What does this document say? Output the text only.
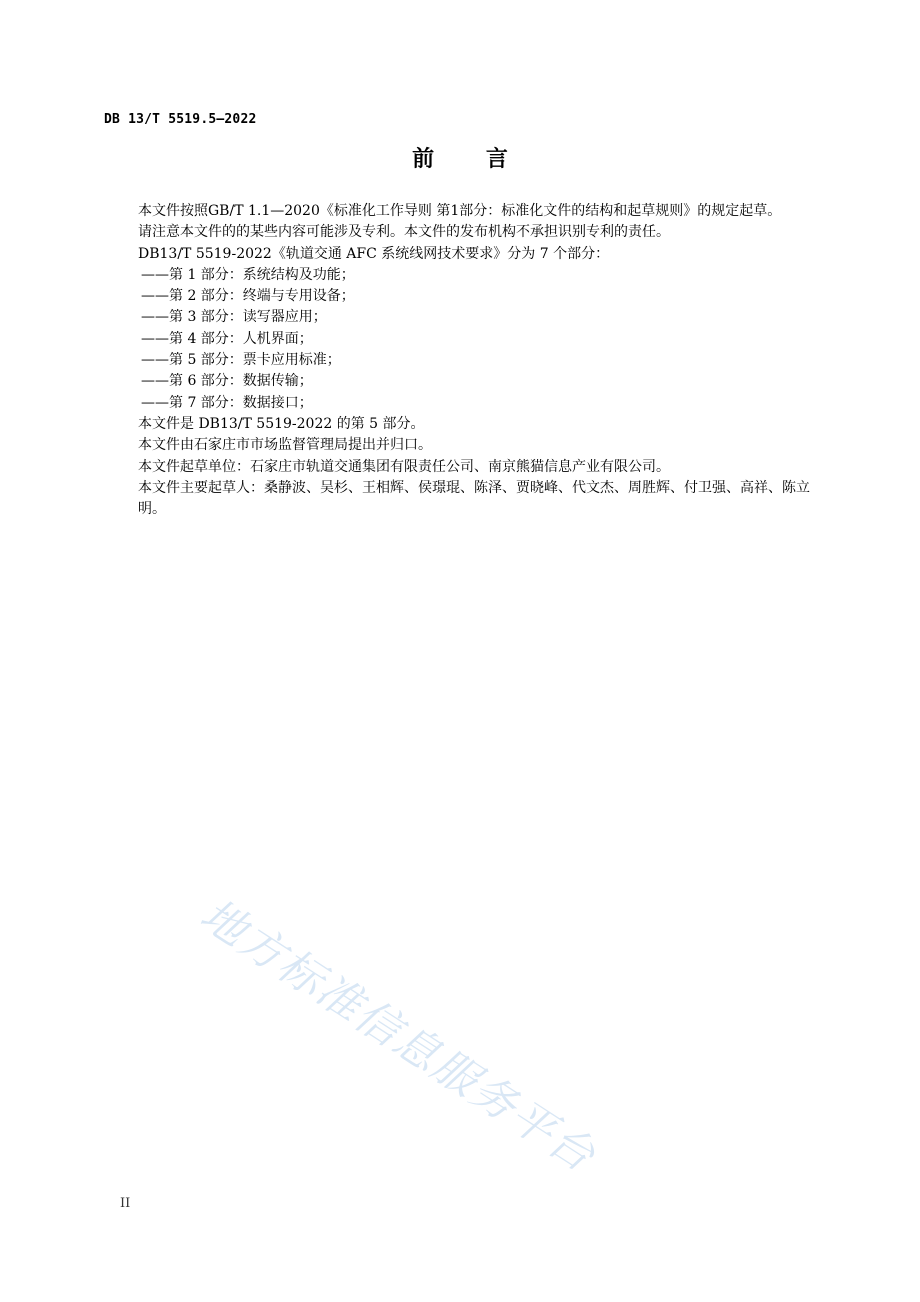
DB 13/T 5519.5—2022
前 言

本文件按照GB/T 1.1—2020《标准化工作导则 第1部分：标准化文件的结构和起草规则》的规定起草。

请注意本文件的的某些内容可能涉及专利。本文件的发布机构不承担识别专利的责任。

DB13/T 5519-2022《轨道交通 AFC 系统线网技术要求》分为 7 个部分：

——第 1 部分：系统结构及功能；

——第 2 部分：终端与专用设备；

——第 3 部分：读写器应用；

——第 4 部分：人机界面；

——第 5 部分：票卡应用标准；

——第 6 部分：数据传输；

——第 7 部分：数据接口；

本文件是 DB13/T 5519-2022 的第 5 部分。

本文件由石家庄市市场监督管理局提出并归口。

本文件起草单位：石家庄市轨道交通集团有限责任公司、南京熊猫信息产业有限公司。

本文件主要起草人：桑静波、吴杉、王相辉、侯璟琨、陈泽、贾晓峰、代文杰、周胜辉、付卫强、高祥、陈立明。

地方标准信息服务平台
II
